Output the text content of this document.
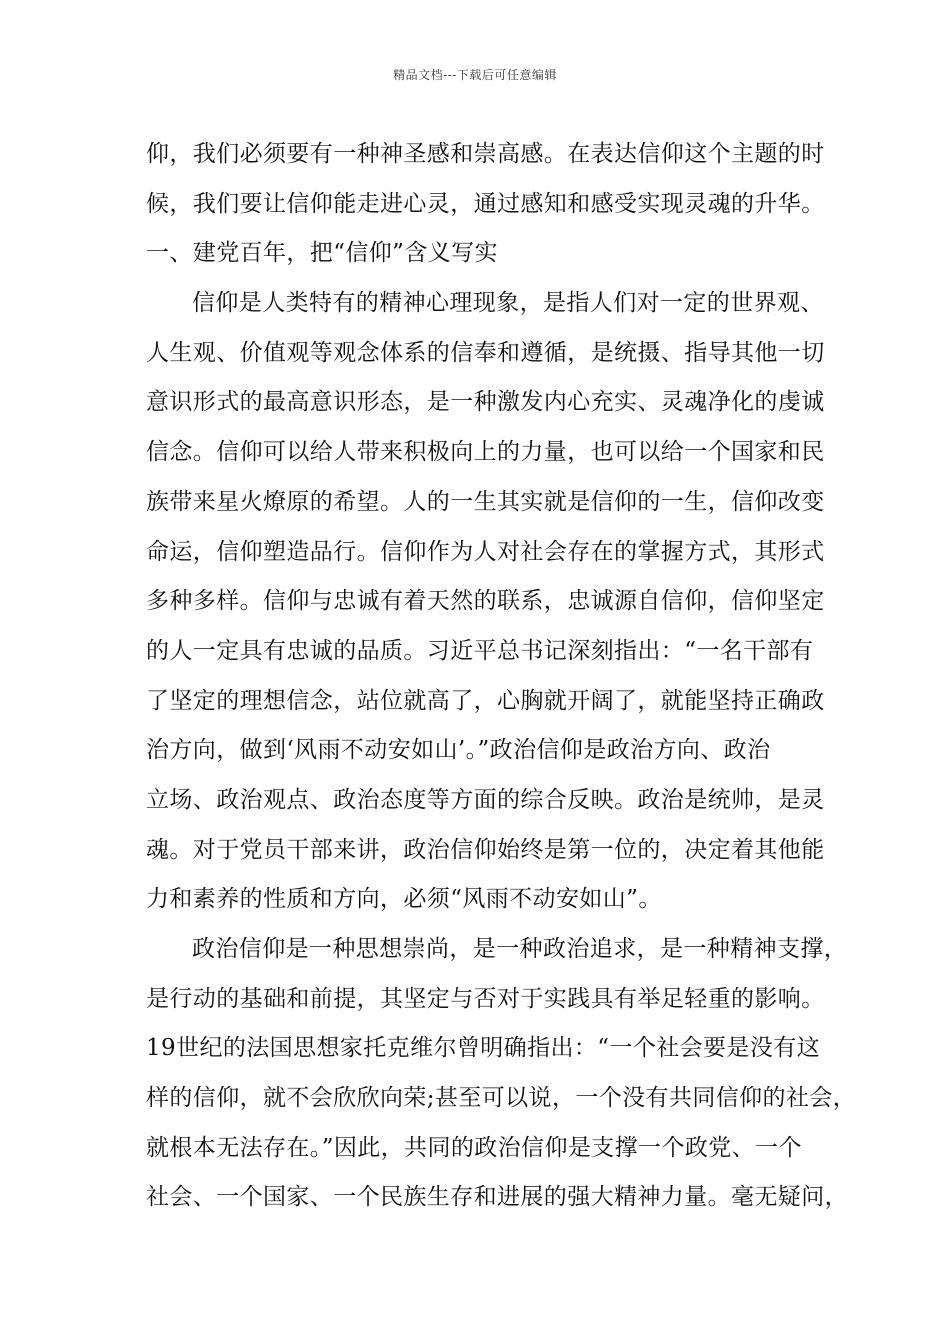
精品文档---下载后可任意编辑
仰，我们必须要有一种神圣感和崇高感。在表达信仰这个主题的时
候，我们要让信仰能走进心灵，通过感知和感受实现灵魂的升华。
一、建党百年，把“信仰”含义写实
信仰是人类特有的精神心理现象，是指人们对一定的世界观、
人生观、价值观等观念体系的信奉和遵循，是统摄、指导其他一切
意识形式的最高意识形态，是一种激发内心充实、灵魂净化的虔诚
信念。信仰可以给人带来积极向上的力量，也可以给一个国家和民
族带来星火燎原的希望。人的一生其实就是信仰的一生，信仰改变
命运，信仰塑造品行。信仰作为人对社会存在的掌握方式，其形式
多种多样。信仰与忠诚有着天然的联系，忠诚源自信仰，信仰坚定
的人一定具有忠诚的品质。习近平总书记深刻指出：“一名干部有
了坚定的理想信念，站位就高了，心胸就开阔了，就能坚持正确政
治方向，做到‘风雨不动安如山’。”政治信仰是政治方向、政治
立场、政治观点、政治态度等方面的综合反映。政治是统帅，是灵
魂。对于党员干部来讲，政治信仰始终是第一位的，决定着其他能
力和素养的性质和方向，必须“风雨不动安如山”。
政治信仰是一种思想崇尚，是一种政治追求，是一种精神支撑，
是行动的基础和前提，其坚定与否对于实践具有举足轻重的影响。
19世纪的法国思想家托克维尔曾明确指出：“一个社会要是没有这
样的信仰，就不会欣欣向荣;甚至可以说，一个没有共同信仰的社会，
就根本无法存在。”因此，共同的政治信仰是支撑一个政党、一个
社会、一个国家、一个民族生存和进展的强大精神力量。毫无疑问，
